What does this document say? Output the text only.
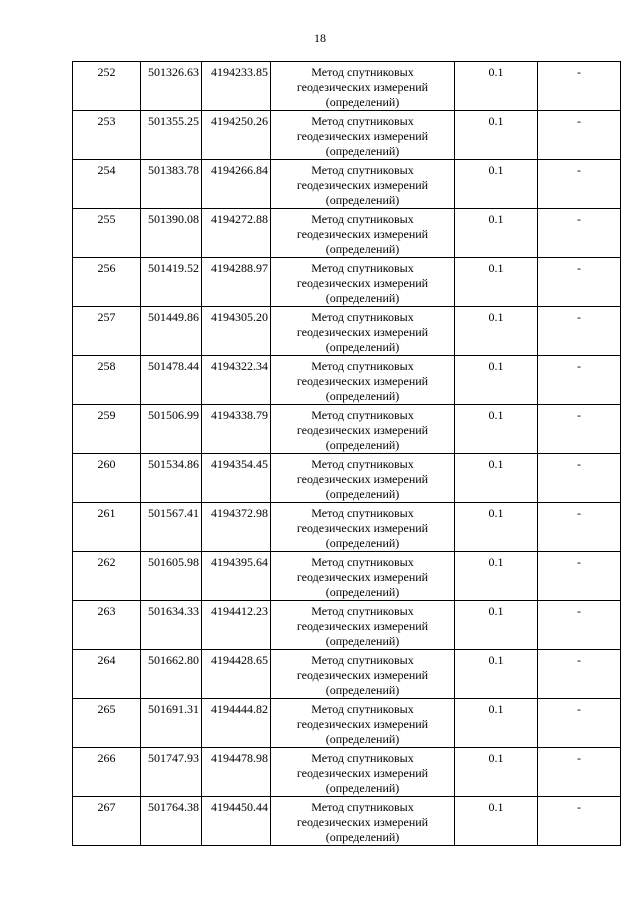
18
252	501326.63	4194233.85	Метод спутниковых
геодезических измерений
(определений)	0.1	-
253	501355.25	4194250.26	Метод спутниковых
геодезических измерений
(определений)	0.1	-
254	501383.78	4194266.84	Метод спутниковых
геодезических измерений
(определений)	0.1	-
255	501390.08	4194272.88	Метод спутниковых
геодезических измерений
(определений)	0.1	-
256	501419.52	4194288.97	Метод спутниковых
геодезических измерений
(определений)	0.1	-
257	501449.86	4194305.20	Метод спутниковых
геодезических измерений
(определений)	0.1	-
258	501478.44	4194322.34	Метод спутниковых
геодезических измерений
(определений)	0.1	-
259	501506.99	4194338.79	Метод спутниковых
геодезических измерений
(определений)	0.1	-
260	501534.86	4194354.45	Метод спутниковых
геодезических измерений
(определений)	0.1	-
261	501567.41	4194372.98	Метод спутниковых
геодезических измерений
(определений)	0.1	-
262	501605.98	4194395.64	Метод спутниковых
геодезических измерений
(определений)	0.1	-
263	501634.33	4194412.23	Метод спутниковых
геодезических измерений
(определений)	0.1	-
264	501662.80	4194428.65	Метод спутниковых
геодезических измерений
(определений)	0.1	-
265	501691.31	4194444.82	Метод спутниковых
геодезических измерений
(определений)	0.1	-
266	501747.93	4194478.98	Метод спутниковых
геодезических измерений
(определений)	0.1	-
267	501764.38	4194450.44	Метод спутниковых
геодезических измерений
(определений)	0.1	-
